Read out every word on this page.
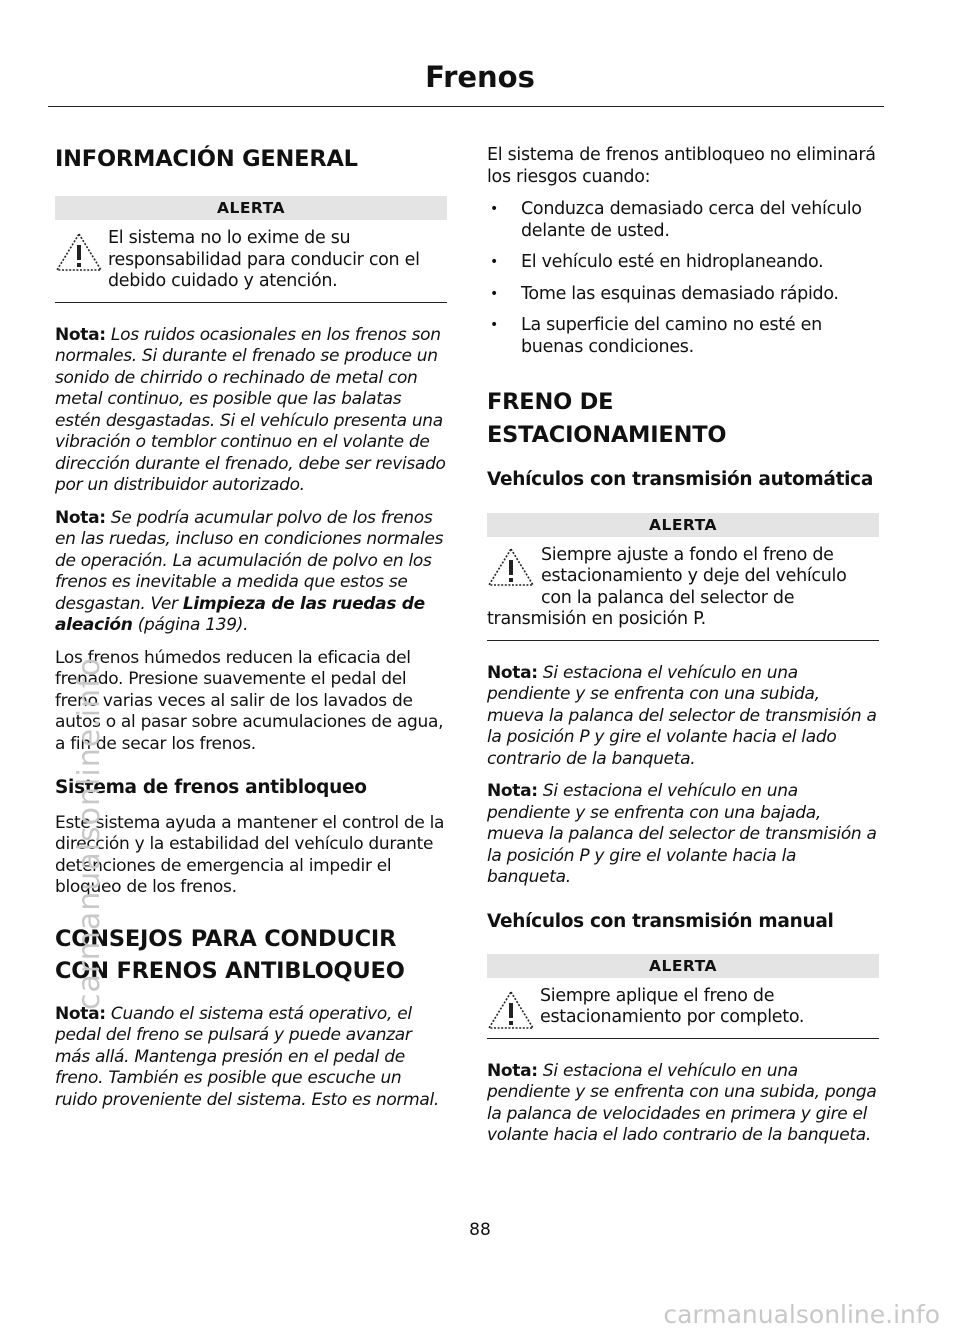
Frenos
INFORMACIÓN GENERAL
ALERTA
El sistema no lo exime de su responsabilidad para conducir con el debido cuidado y atención.

Nota: Los ruidos ocasionales en los frenos son normales. Si durante el frenado se produce un sonido de chirrido o rechinado de metal con metal continuo, es posible que las balatas estén desgastadas. Si el vehículo presenta una vibración o temblor continuo en el volante de dirección durante el frenado, debe ser revisado por un distribuidor autorizado.

Nota: Se podría acumular polvo de los frenos en las ruedas, incluso en condiciones normales de operación. La acumulación de polvo en los frenos es inevitable a medida que estos se desgastan. Ver Limpieza de las ruedas de aleación (página 139).

Los frenos húmedos reducen la eficacia del frenado. Presione suavemente el pedal del freno varias veces al salir de los lavados de autos o al pasar sobre acumulaciones de agua, a fin de secar los frenos.

Sistema de frenos antibloqueo

Este sistema ayuda a mantener el control de la dirección y la estabilidad del vehículo durante detenciones de emergencia al impedir el bloqueo de los frenos.

CONSEJOS PARA CONDUCIR
CON FRENOS ANTIBLOQUEO

Nota: Cuando el sistema está operativo, el pedal del freno se pulsará y puede avanzar más allá. Mantenga presión en el pedal de freno. También es posible que escuche un ruido proveniente del sistema. Esto es normal.

El sistema de frenos antibloqueo no eliminará los riesgos cuando:

• Conduzca demasiado cerca del vehículo delante de usted.
• El vehículo esté en hidroplaneando.
• Tome las esquinas demasiado rápido.
• La superficie del camino no esté en buenas condiciones.
FRENO DE
ESTACIONAMIENTO
Vehículos con transmisión automática
ALERTA
Siempre ajuste a fondo el freno de estacionamiento y deje del vehículo con la palanca del selector de transmisión en posición P.

Nota: Si estaciona el vehículo en una pendiente y se enfrenta con una subida, mueva la palanca del selector de transmisión a la posición P y gire el volante hacia el lado contrario de la banqueta.

Nota: Si estaciona el vehículo en una pendiente y se enfrenta con una bajada, mueva la palanca del selector de transmisión a la posición P y gire el volante hacia la banqueta.

Vehículos con transmisión manual
ALERTA
Siempre aplique el freno de estacionamiento por completo.

Nota: Si estaciona el vehículo en una pendiente y se enfrenta con una subida, ponga la palanca de velocidades en primera y gire el volante hacia el lado contrario de la banqueta.

88
carmanualsonline.info
carmanualsonline.info
